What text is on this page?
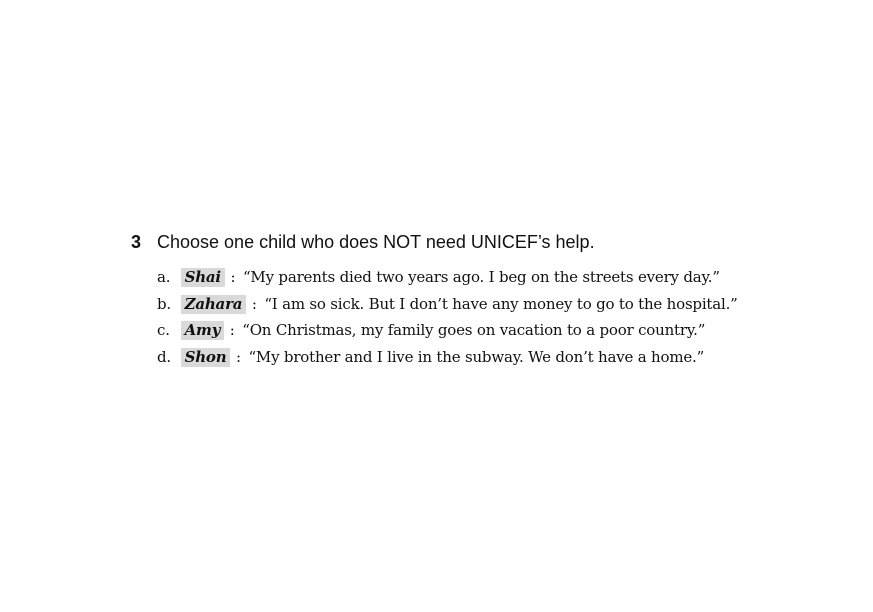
3 Choose one child who does NOT need UNICEF’s help.
a. Shai : “My parents died two years ago. I beg on the streets every day.”
b. Zahara : “I am so sick. But I don’t have any money to go to the hospital.”
c. Amy : “On Christmas, my family goes on vacation to a poor country.”
d. Shon : “My brother and I live in the subway. We don’t have a home.”
